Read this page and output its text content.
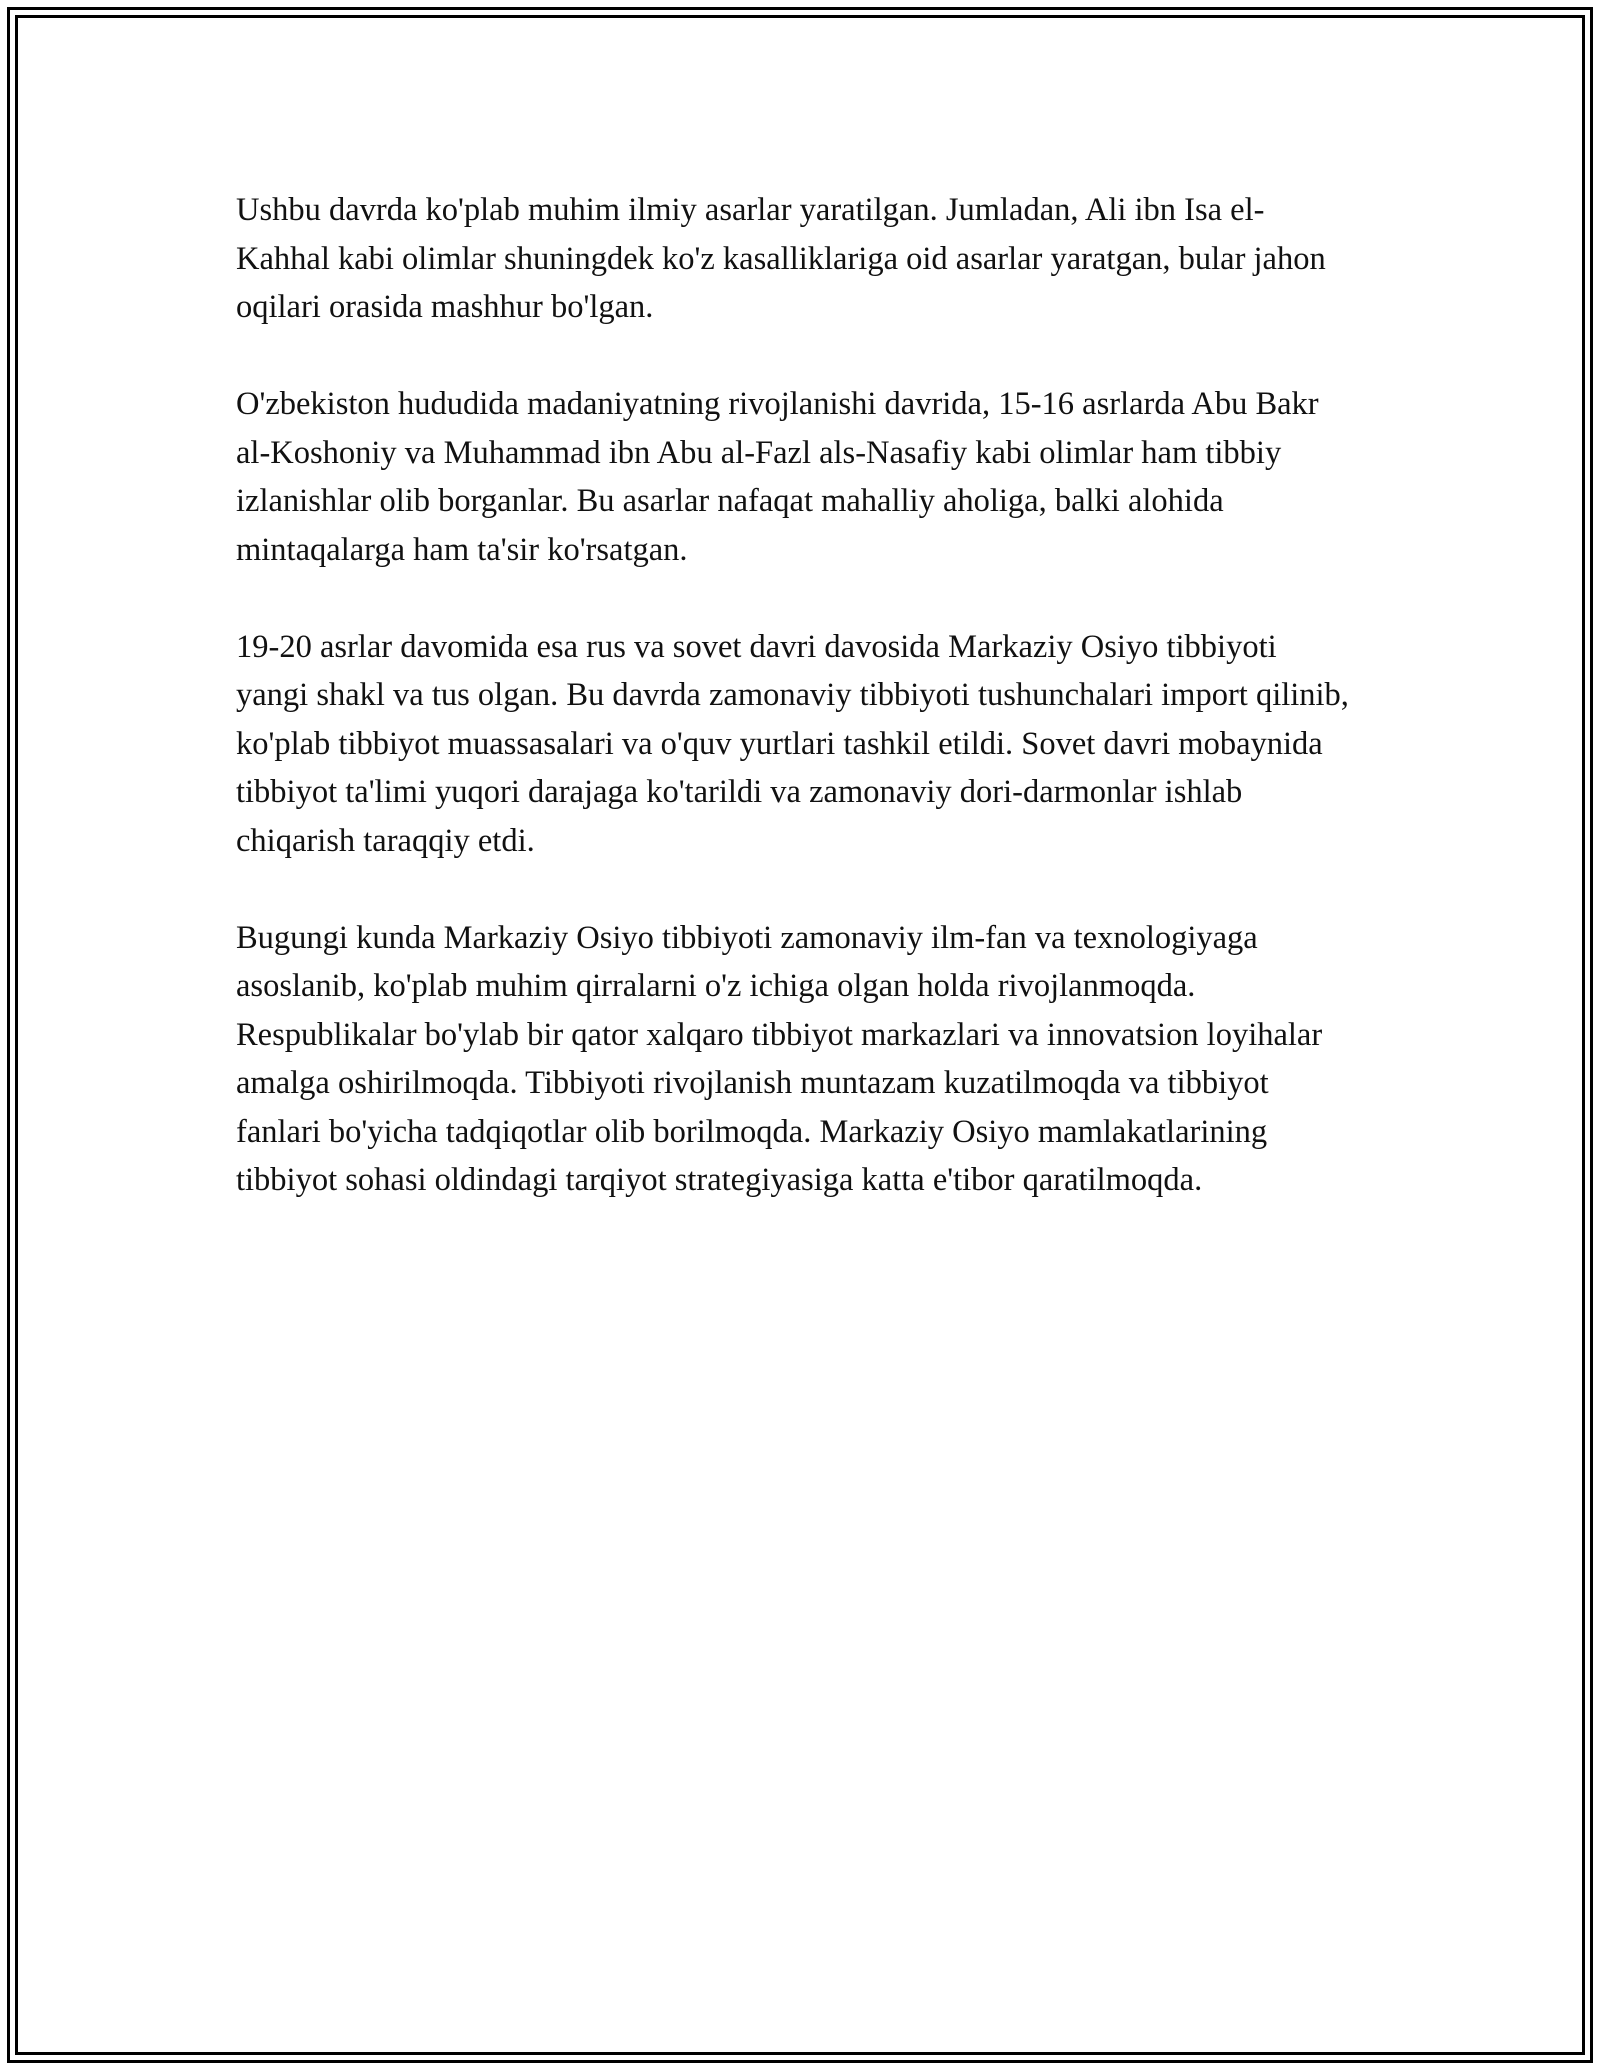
Ushbu davrda ko'plab muhim ilmiy asarlar yaratilgan. Jumladan, Ali ibn Isa el-Kahhal kabi olimlar shuningdek ko'z kasalliklariga oid asarlar yaratgan, bular jahon oqilari orasida mashhur bo'lgan.

O'zbekiston hududida madaniyatning rivojlanishi davrida, 15-16 asrlarda Abu Bakr al-Koshoniy va Muhammad ibn Abu al-Fazl als-Nasafiy kabi olimlar ham tibbiy izlanishlar olib borganlar. Bu asarlar nafaqat mahalliy aholiga, balki alohida mintaqalarga ham ta'sir ko'rsatgan.

19-20 asrlar davomida esa rus va sovet davri davosida Markaziy Osiyo tibbiyoti yangi shakl va tus olgan. Bu davrda zamonaviy tibbiyoti tushunchalari import qilinib, ko'plab tibbiyot muassasalari va o'quv yurtlari tashkil etildi. Sovet davri mobaynida tibbiyot ta'limi yuqori darajaga ko'tarildi va zamonaviy dori-darmonlar ishlab chiqarish taraqqiy etdi.

Bugungi kunda Markaziy Osiyo tibbiyoti zamonaviy ilm-fan va texnologiyaga asoslanib, ko'plab muhim qirralarni o'z ichiga olgan holda rivojlanmoqda. Respublikalar bo'ylab bir qator xalqaro tibbiyot markazlari va innovatsion loyihalar amalga oshirilmoqda. Tibbiyoti rivojlanish muntazam kuzatilmoqda va tibbiyot fanlari bo'yicha tadqiqotlar olib borilmoqda. Markaziy Osiyo mamlakatlarining tibbiyot sohasi oldindagi tarqiyot strategiyasiga katta e'tibor qaratilmoqda.
